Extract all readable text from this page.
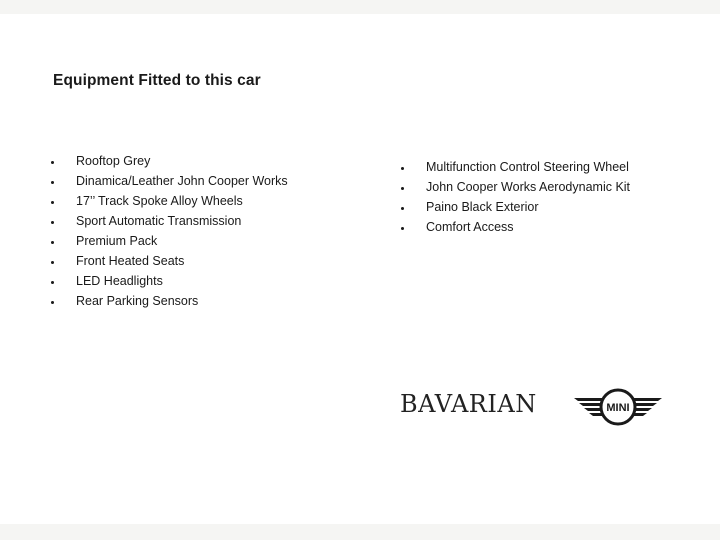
Equipment Fitted to this car
Rooftop Grey
Dinamica/Leather John Cooper Works
17’’ Track Spoke Alloy Wheels
Sport Automatic Transmission
Premium Pack
Front Heated Seats
LED Headlights
Rear Parking Sensors
Multifunction Control Steering Wheel
John Cooper Works Aerodynamic Kit
Paino Black Exterior
Comfort Access
BAVARIAN	MINI
